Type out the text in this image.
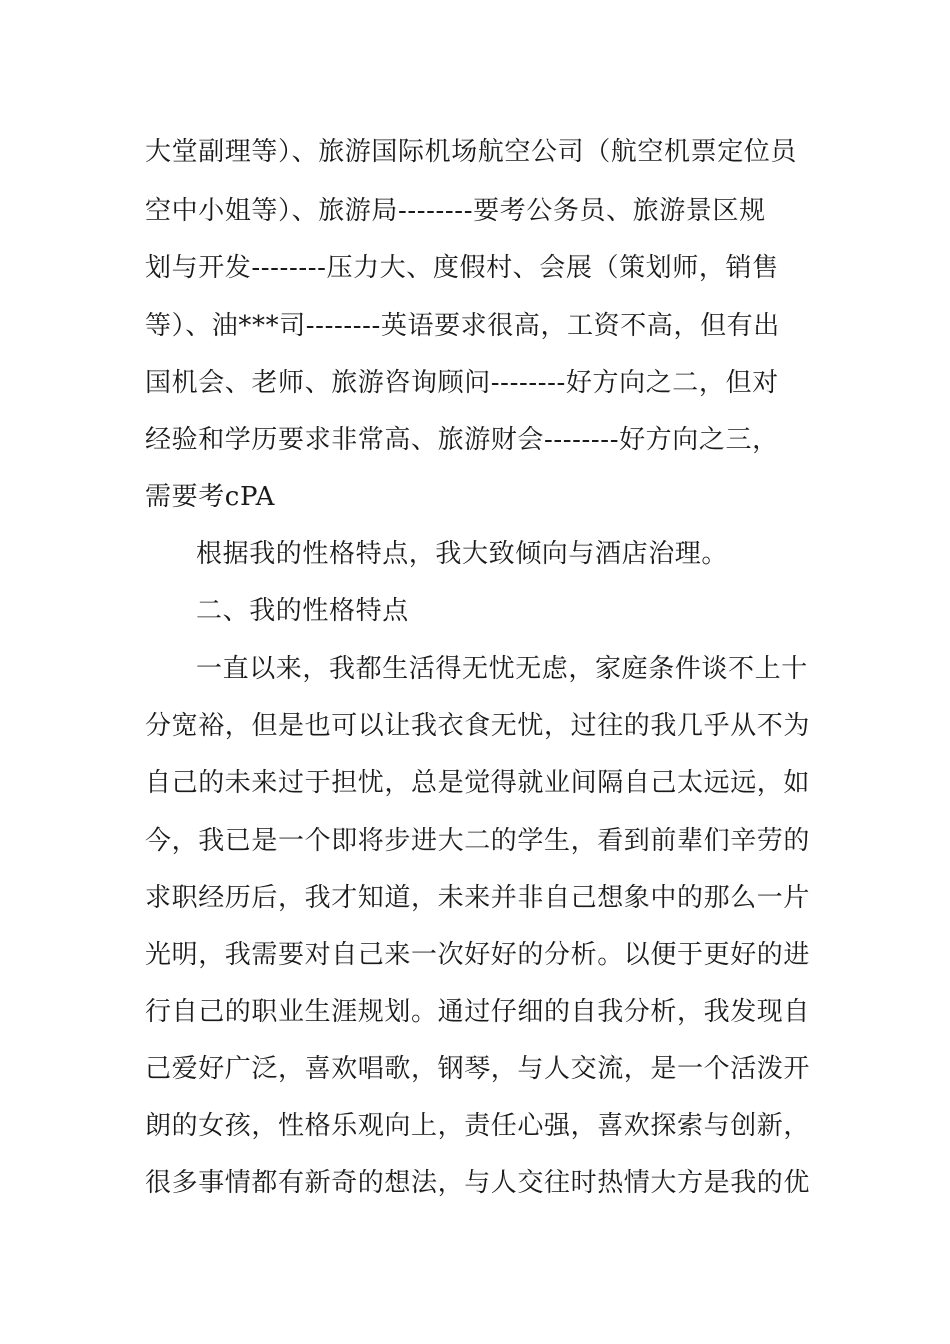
大堂副理等）、旅游国际机场航空公司（航空机票定位员
空中小姐等）、旅游局--------要考公务员、旅游景区规
划与开发--------压力大、度假村、会展（策划师，销售
等）、油***司--------英语要求很高，工资不高，但有出
国机会、老师、旅游咨询顾问--------好方向之二，但对
经验和学历要求非常高、旅游财会--------好方向之三，
需要考cPA
根据我的性格特点，我大致倾向与酒店治理。
二、我的性格特点
一直以来，我都生活得无忧无虑，家庭条件谈不上十
分宽裕，但是也可以让我衣食无忧，过往的我几乎从不为
自己的未来过于担忧，总是觉得就业间隔自己太远远，如
今，我已是一个即将步进大二的学生，看到前辈们辛劳的
求职经历后，我才知道，未来并非自己想象中的那么一片
光明，我需要对自己来一次好好的分析。以便于更好的进
行自己的职业生涯规划。通过仔细的自我分析，我发现自
己爱好广泛，喜欢唱歌，钢琴，与人交流，是一个活泼开
朗的女孩，性格乐观向上，责任心强，喜欢探索与创新，
很多事情都有新奇的想法，与人交往时热情大方是我的优
